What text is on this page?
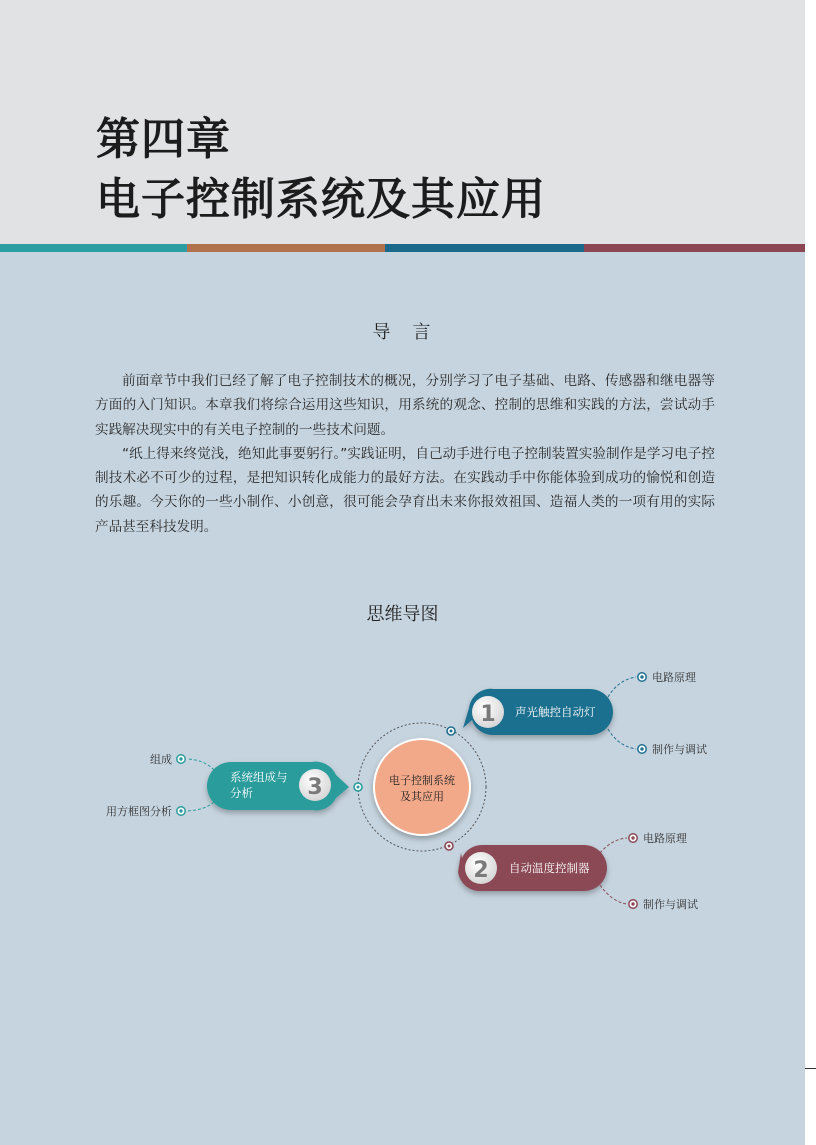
第四章
电子控制系统及其应用
导　言

前面章节中我们已经了解了电子控制技术的概况，分别学习了电子基础、电路、传感器和继电器等方面的入门知识。本章我们将综合运用这些知识，用系统的观念、控制的思维和实践的方法，尝试动手实践解决现实中的有关电子控制的一些技术问题。

“纸上得来终觉浅，绝知此事要躬行。”实践证明，自己动手进行电子控制装置实验制作是学习电子控制技术必不可少的过程，是把知识转化成能力的最好方法。在实践动手中你能体验到成功的愉悦和创造的乐趣。今天你的一些小制作、小创意，很可能会孕育出未来你报效祖国、造福人类的一项有用的实际产品甚至科技发明。

思维导图
电子控制系统
及其应用
1 声光触控自动灯
电路原理
制作与调试
2 自动温度控制器
电路原理
制作与调试
3
系统组成与
分析
组成
用方框图分析
